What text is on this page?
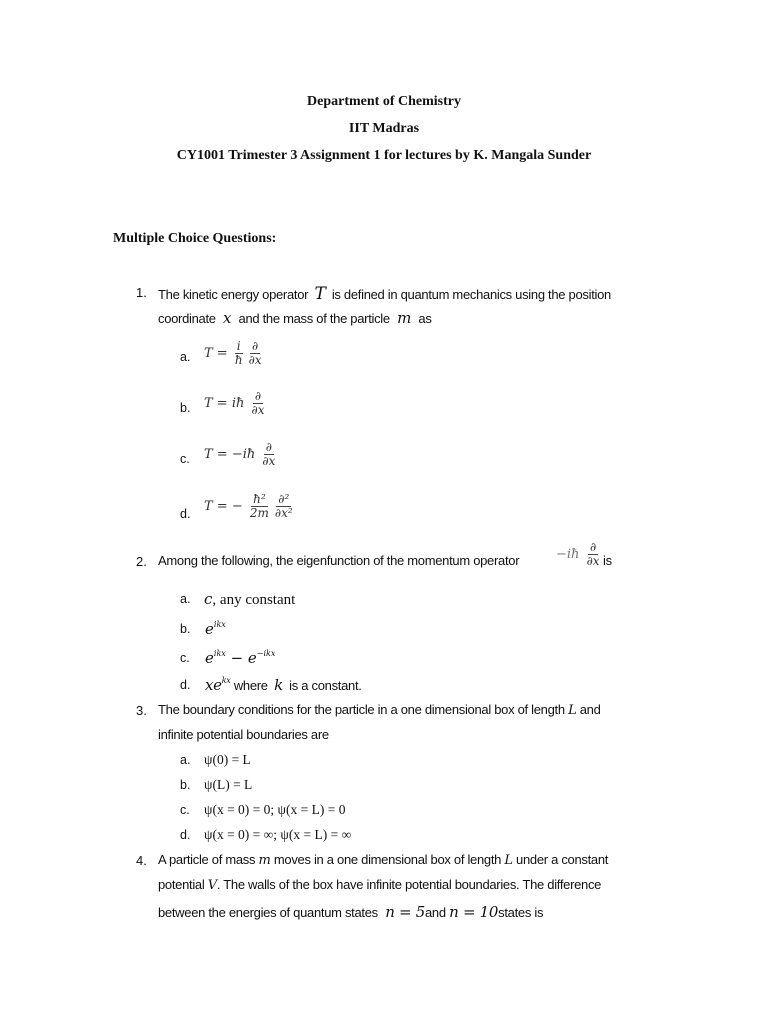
Department of Chemistry
IIT Madras
CY1001 Trimester 3 Assignment 1 for lectures by K. Mangala Sunder
Multiple Choice Questions:
1. The kinetic energy operator T is defined in quantum mechanics using the position
coordinate x and the mass of the particle m as
a. $T = \frac{i}{ħ} \frac{\partial}{\partial x}$
b. T = iħ $\frac{\partial}{\partial x}$
c. T = −iħ $\frac{\partial}{\partial x}$
d. T = − $\frac{\text{ħ²}}{2m} \frac{\text{∂²}}{\text{∂x²}}$
2. Among the following, the eigenfunction of the momentum operator	−iħ $\frac{\partial}{\partial x}$ is
a. c, any constant
b. $e^{ikx}$
c. $e^{ikx} - e^{-ikx}$
d. $xe^{kx}$ where k is a constant.
3. The boundary conditions for the particle in a one dimensional box of length L and
infinite potential boundaries are
a. ψ(0) = L
b. ψ(L) = L
c. ψ(x = 0) = 0; ψ(x = L) = 0
d. ψ(x = 0) = ∞; ψ(x = L) = ∞
4. A particle of mass m moves in a one dimensional box of length L under a constant
potential V. The walls of the box have infinite potential boundaries. The difference
between the energies of quantum states n = 5and n = 10states is
